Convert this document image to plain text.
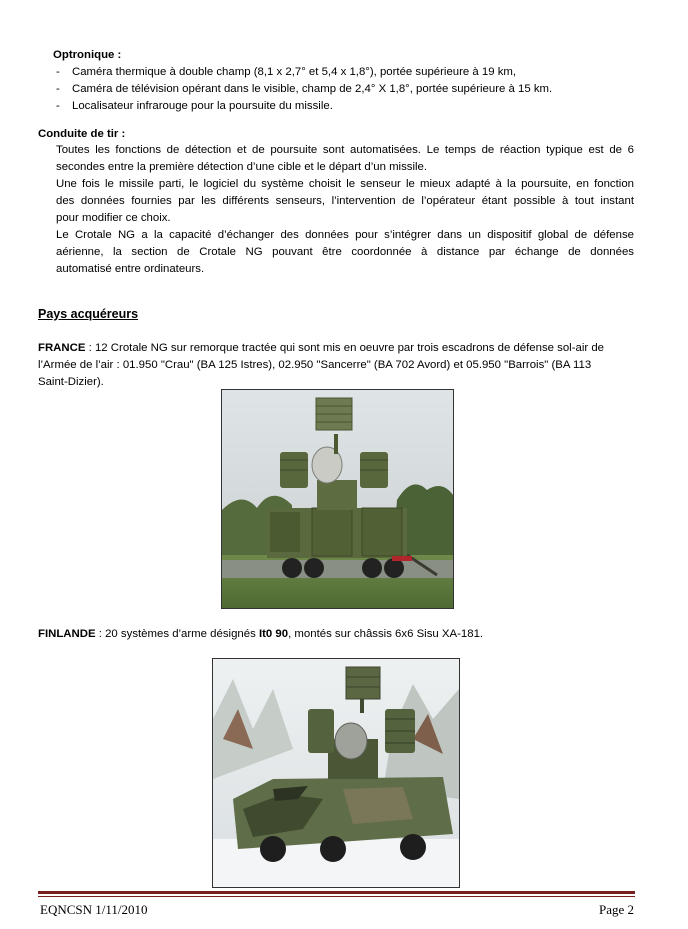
Optronique :
- Caméra thermique à double champ (8,1 x 2,7° et 5,4 x 1,8°), portée supérieure à 19 km,
- Caméra de télévision opérant dans le visible, champ de 2,4° X 1,8°, portée supérieure à 15 km.
- Localisateur infrarouge pour la poursuite du missile.
Conduite de tir :
Toutes les fonctions de détection et de poursuite sont automatisées. Le temps de réaction typique est de 6
secondes entre la première détection d’une cible et le départ d’un missile.
Une fois le missile parti, le logiciel du système choisit le senseur le mieux adapté à la poursuite, en fonction
des données fournies par les différents senseurs, l’intervention de l’opérateur étant possible à tout instant
pour modifier ce choix.
Le Crotale NG a la capacité d’échanger des données pour s’intégrer dans un dispositif global de défense
aérienne, la section de Crotale NG pouvant être coordonnée à distance par échange de données
automatisé entre ordinateurs.
Pays acquéreurs
FRANCE : 12 Crotale NG sur remorque tractée qui sont mis en oeuvre par trois escadrons de défense sol-air de
l’Armée de l’air : 01.950 "Crau" (BA 125 Istres), 02.950 "Sancerre" (BA 702 Avord) et 05.950 "Barrois" (BA 113
Saint-Dizier).
FINLANDE : 20 systèmes d’arme désignés It0 90, montés sur châssis 6x6 Sisu XA-181.
EQNCSN 1/11/2010	Page 2
